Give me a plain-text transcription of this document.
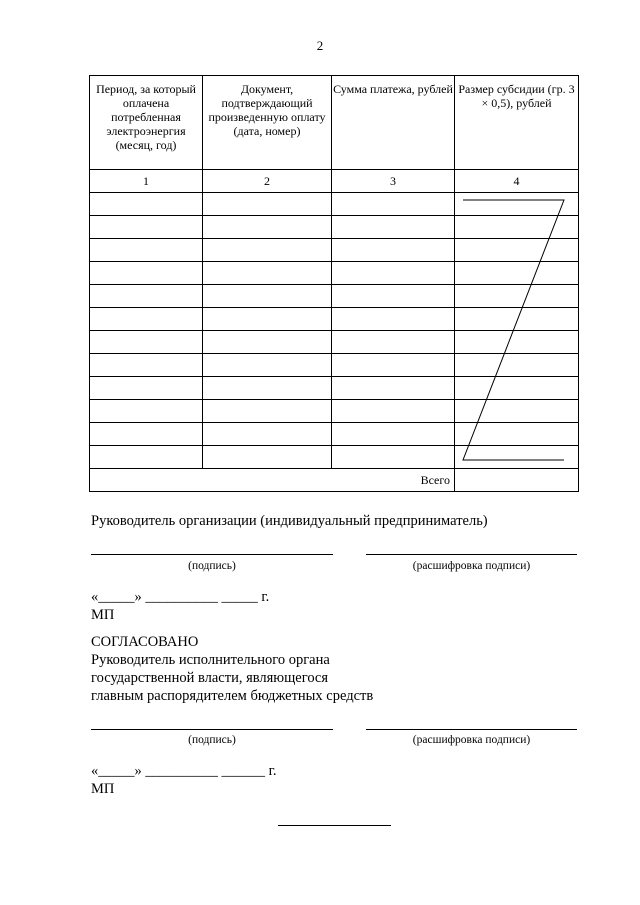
2
Период, за который оплачена потребленная электроэнергия (месяц, год)	Документ, подтверждающий произведенную оплату (дата, номер)	Сумма платежа, рублей	Размер субсидии (гр. 3 × 0,5), рублей
1	2	3	4

Всего			
Руководитель организации (индивидуальный предприниматель)
(подпись)	(расшифровка подписи)
«_____» __________ _____ г.
МП
СОГЛАСОВАНО
Руководитель исполнительного органа
государственной власти, являющегося
главным распорядителем бюджетных средств
(подпись)	(расшифровка подписи)
«_____» __________ ______ г.
МП
